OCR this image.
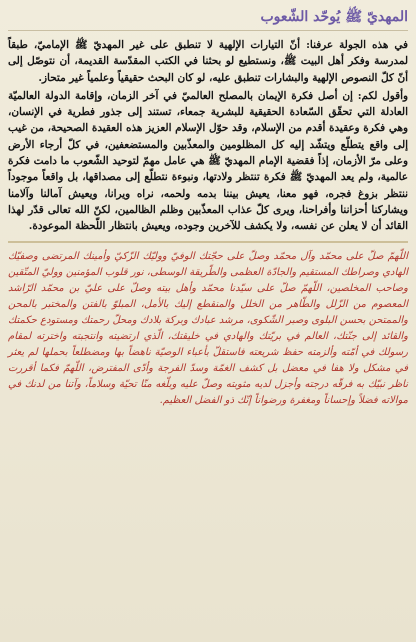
المهديّ ﷺ يُوحّد الشّعوب

في هذه الجولة عرفنا: أنّ التيارات الإلهية لا تنطبق على غير المهديّ ﷺ الإماميّ، طبقاً لمدرسة وفكر أهل البيت ﷺ، ونستطيع لو بحثنا في الكتب المقدّسة القديمة، أن نتوصّل إلى أنّ كلّ النصوص الإلهية والبشارات تنطبق عليه، لو كان البحث حقيقياً وعلمياً غير متحاز.

وأقول لكم: إن أصل فكرة الإيمان بالمصلح العالميّ في آخر الزمان، وإقامة الدولة العالميّة العادلة التي تحقّق السّعادة الحقيقية للبشرية جمعاء، تستند إلى جذور فطرية في الإنسان، وهي فكرة وعقيدة أقدم من الإسلام، وقد حوّل الإسلام العزيز هذه العقيدة الصحيحة، من غيب إلى واقع يتطلّع ويتشّد إليه كل المظلومين والمعذّبين والمستضعفين، في كلّ أرجاء الأرض وعلى مرّ الأزمان، إذاً فقضية الإمام المهديّ ﷺ هي عامل مهمّ لتوحيد الشّعوب ما دامت فكرة عالمية، ولم يعد المهديّ ﷺ فكرة تنتظر ولادتها، ونبوءة نتطلّع إلى مصداقها، بل واقعاً موجوداً ننتظر بزوغ فجره، فهو معنا، يعيش بيننا بدمه ولحمه، نراه ويرانا، ويعيش آمالنا وآلامنا ويشاركنا أحزاننا وأفراحنا، ويرى كلّ عذاب المعذّبين وظلم الظالمين، لكنّ الله تعالى قدّر لهذا القائد أن لا يعلن عن نفسه، ولا يكشف للآخرين وجوده، ويعيش بانتظار اللّحظة الموعودة.

اللّهمّ صلّ على محمّد وآل محمّد وصلّ على حجّتك الوفيّ ووليّك الزّكيّ وأمينك المرتضى وصفيّك الهادي وصراطك المستقيم والجادّة العظمى والطّريقة الوسطى، نور قلوب المؤمنين ووليّ المتّقين وصاحب المخلصين، اللّهمّ صلّ على سيّدنا محمّد وأهل بيته وصلّ على عليّ بن محمّد الرّاشد المعصوم من الزّلل والطّاهر من الخلل والمنقطع إليك بالأمل، المبلوّ بالفتن والمختبر بالمحن والممتحن بحسن البلوى وصبر الشّكوى، مرشد عبادك وبركة بلادك ومحلّ رحمتك ومستودع حكمتك والقائد إلى جنّتك، العالم في بريّتك والهادي في خليقتك، الّذي ارتضيته وانتجبته واخترته لمقام رسولك في أمّته وألزمته حفظ شريعته فاستقلّ بأعباء الوصيّة ناهضاً بها ومضطلعاً بحملها لم يعثر في مشكل ولا هفا في معضل بل كشف الغمّة وسدّ الفرجة وأدّى المفترض، اللّهمّ فكما أقررت ناظر نبيّك به فرقّه درجته وأجزل لديه مثوبته وصلّ عليه وبلّغه منّا تحيّة وسلاماً، وآتنا من لدنك في موالاته فضلاً وإحساناً ومغفرة ورضواناً إنّك ذو الفضل العظيم.
